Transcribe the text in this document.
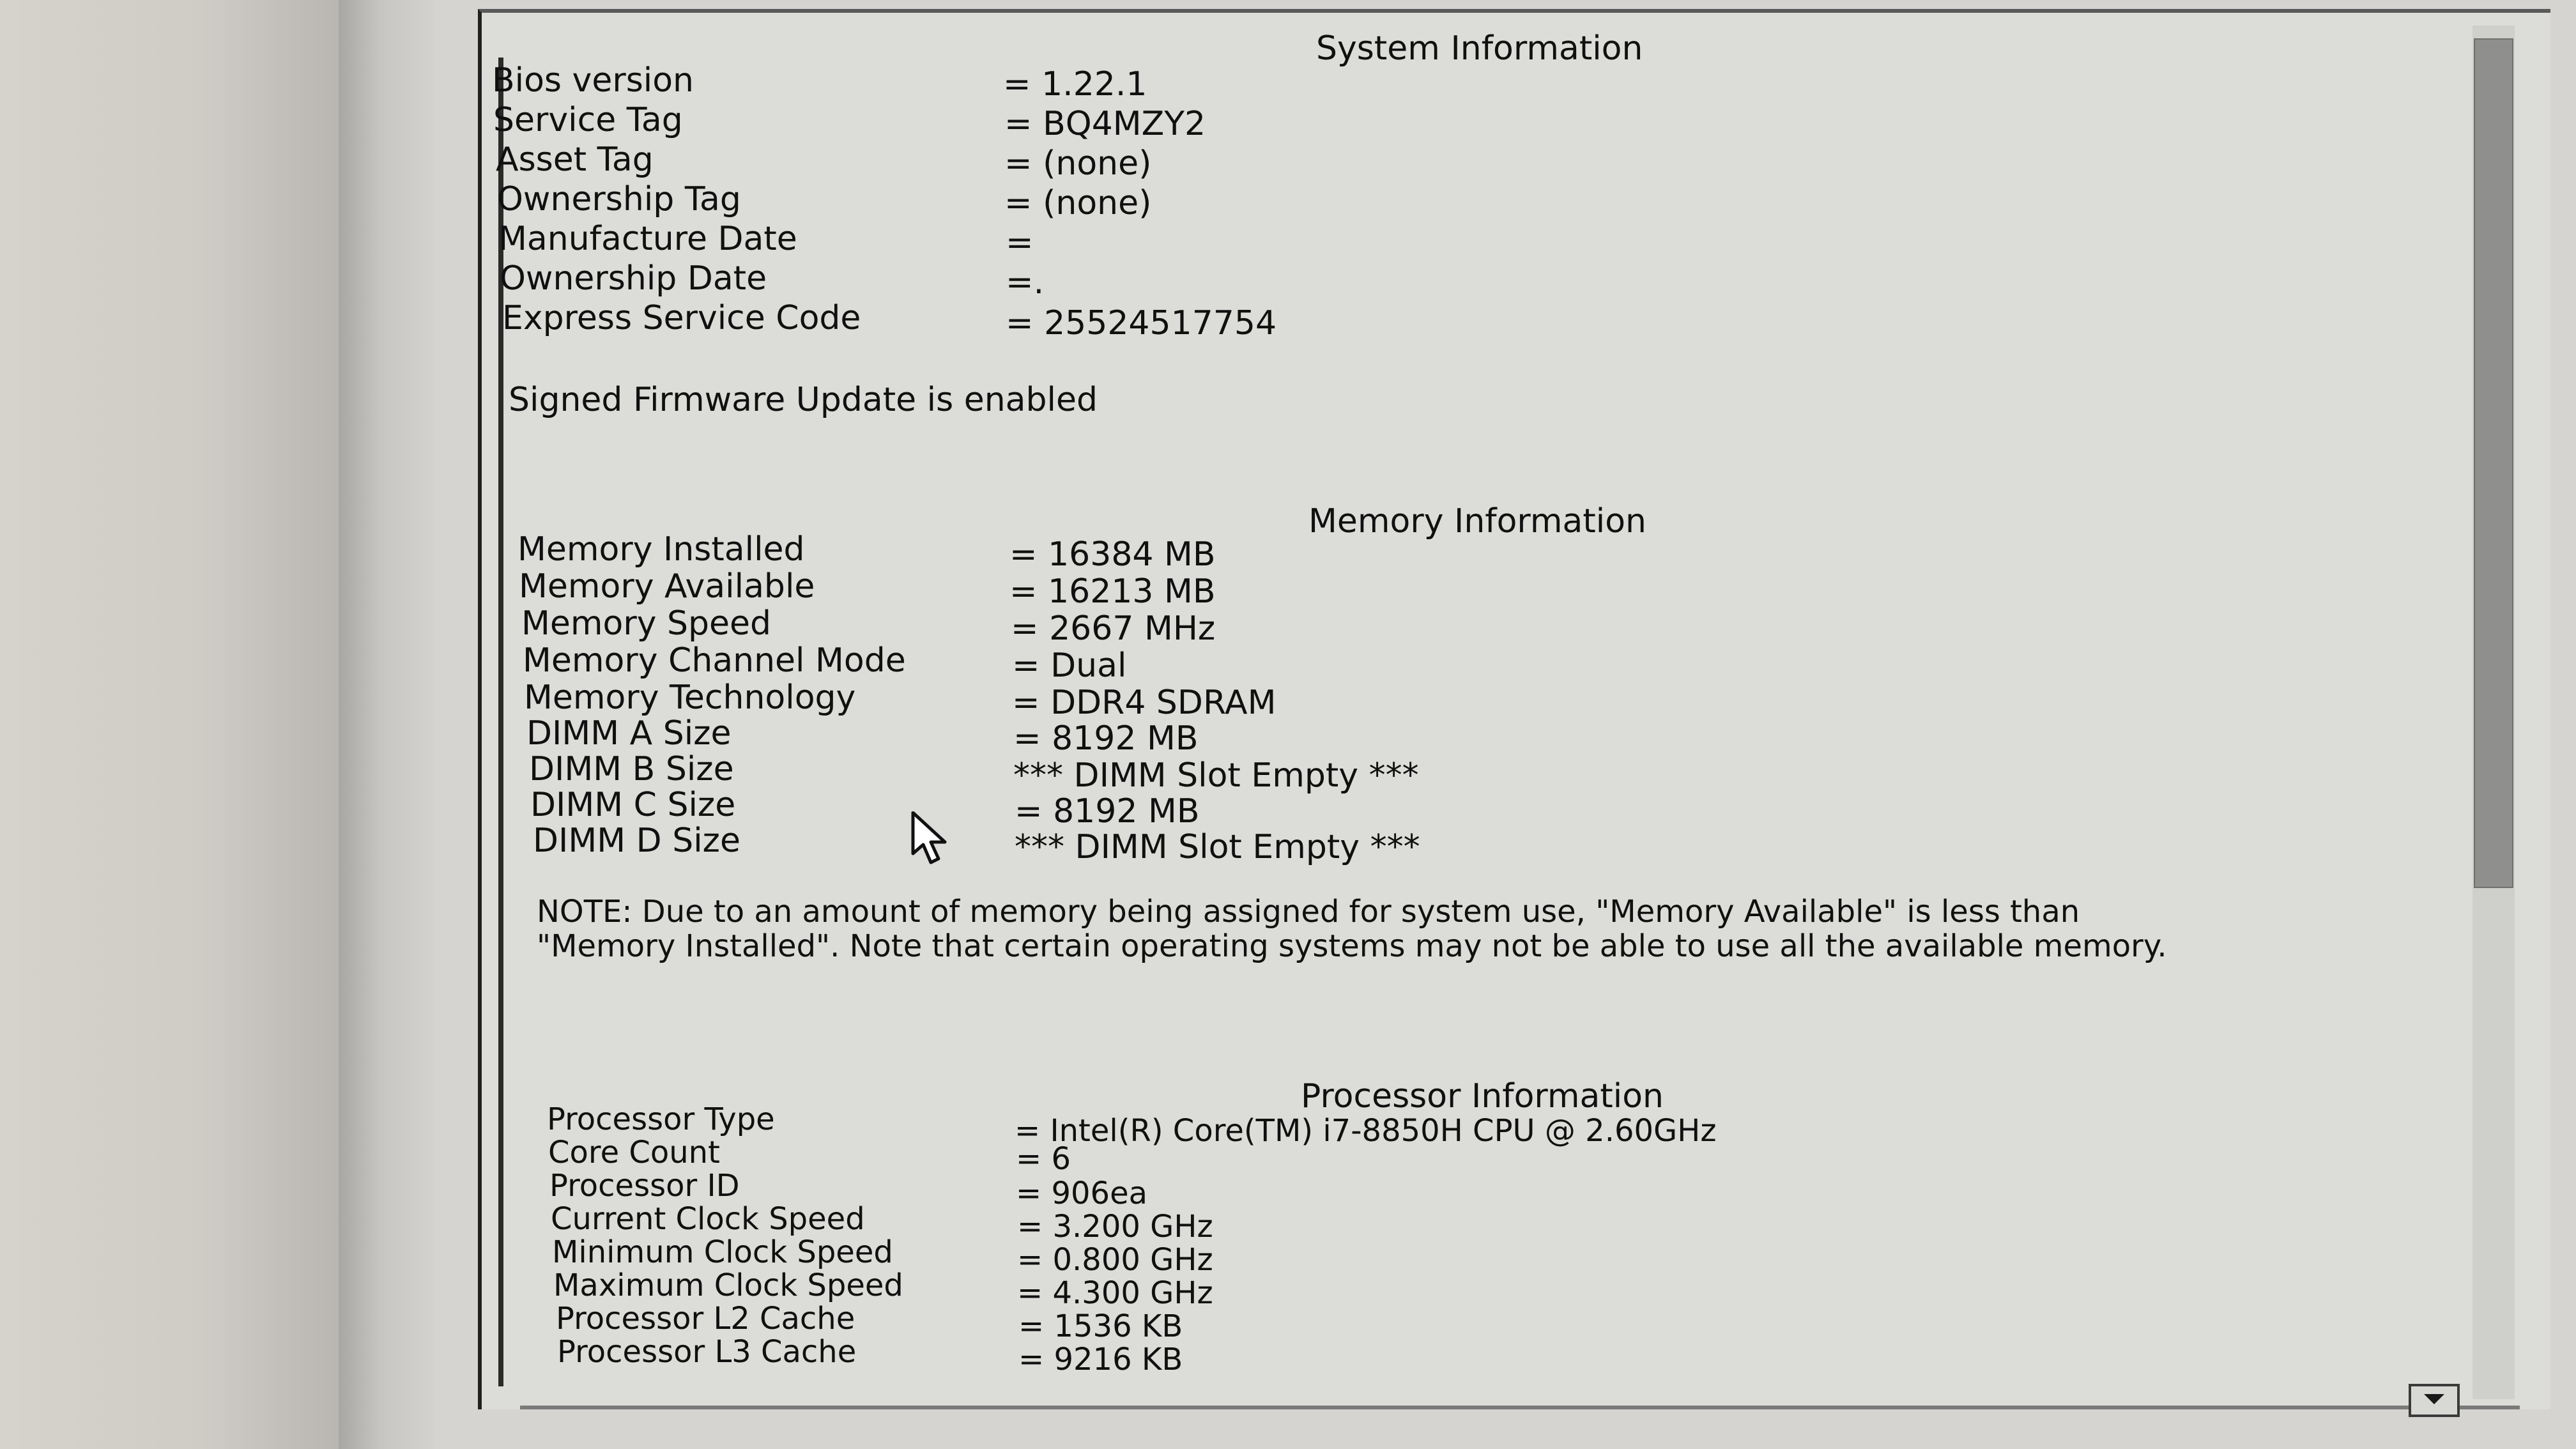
System Information
Bios version	= 1.22.1
Service Tag	= BQ4MZY2
Asset Tag	= (none)
Ownership Tag	= (none)
Manufacture Date	=
Ownership Date	=.
Express Service Code	= 25524517754
Signed Firmware Update is enabled
Memory Information
Memory Installed	= 16384 MB
Memory Available	= 16213 MB
Memory Speed	= 2667 MHz
Memory Channel Mode	= Dual
Memory Technology	= DDR4 SDRAM
DIMM A Size	= 8192 MB
DIMM B Size	*** DIMM Slot Empty ***
DIMM C Size	= 8192 MB
DIMM D Size	*** DIMM Slot Empty ***
NOTE: Due to an amount of memory being assigned for system use, "Memory Available" is less than "Memory Installed". Note that certain operating systems may not be able to use all the available memory.
Processor Information
Processor Type	= Intel(R) Core(TM) i7-8850H CPU @ 2.60GHz
Core Count	= 6
Processor ID	= 906ea
Current Clock Speed	= 3.200 GHz
Minimum Clock Speed	= 0.800 GHz
Maximum Clock Speed	= 4.300 GHz
Processor L2 Cache	= 1536 KB
Processor L3 Cache	= 9216 KB
